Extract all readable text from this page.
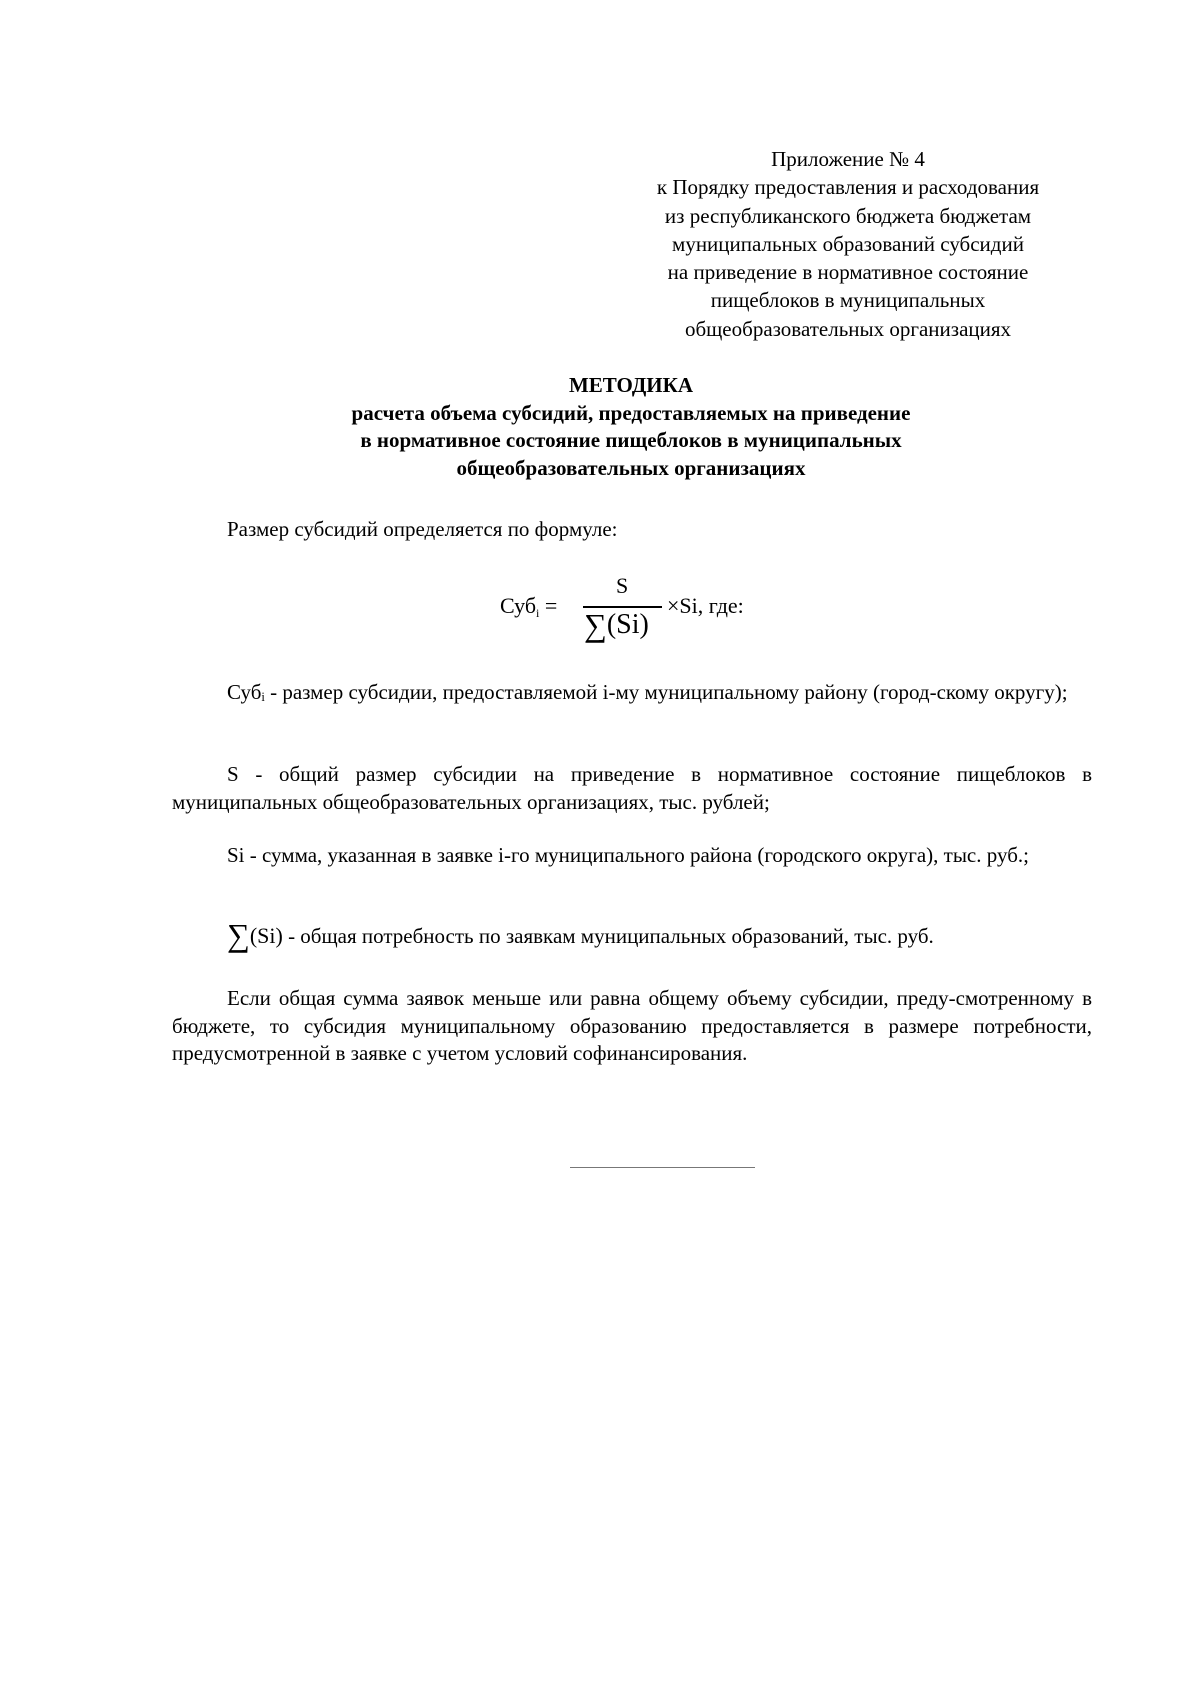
Приложение № 4
к Порядку предоставления и расходования
из республиканского бюджета бюджетам
муниципальных образований субсидий
на приведение в нормативное состояние
пищеблоков в муниципальных
общеобразовательных организациях
МЕТОДИКА
расчета объема субсидий, предоставляемых на приведение
в нормативное состояние пищеблоков в муниципальных
общеобразовательных организациях
Размер субсидий определяется по формуле:
Суб$_i$ =
S
∑(Si)
×Si, где:
Субᵢ - размер субсидии, предоставляемой i-му муниципальному району (город-скому округу);
S - общий размер субсидии на приведение в нормативное состояние пищеблоков в муниципальных общеобразовательных организациях, тыс. рублей;
Si - сумма, указанная в заявке i-го муниципального района (городского округа), тыс. руб.;
∑(Si) - общая потребность по заявкам муниципальных образований, тыс. руб.
Если общая сумма заявок меньше или равна общему объему субсидии, преду-смотренному в бюджете, то субсидия муниципальному образованию предоставляется в размере потребности, предусмотренной в заявке с учетом условий софинансирования.
